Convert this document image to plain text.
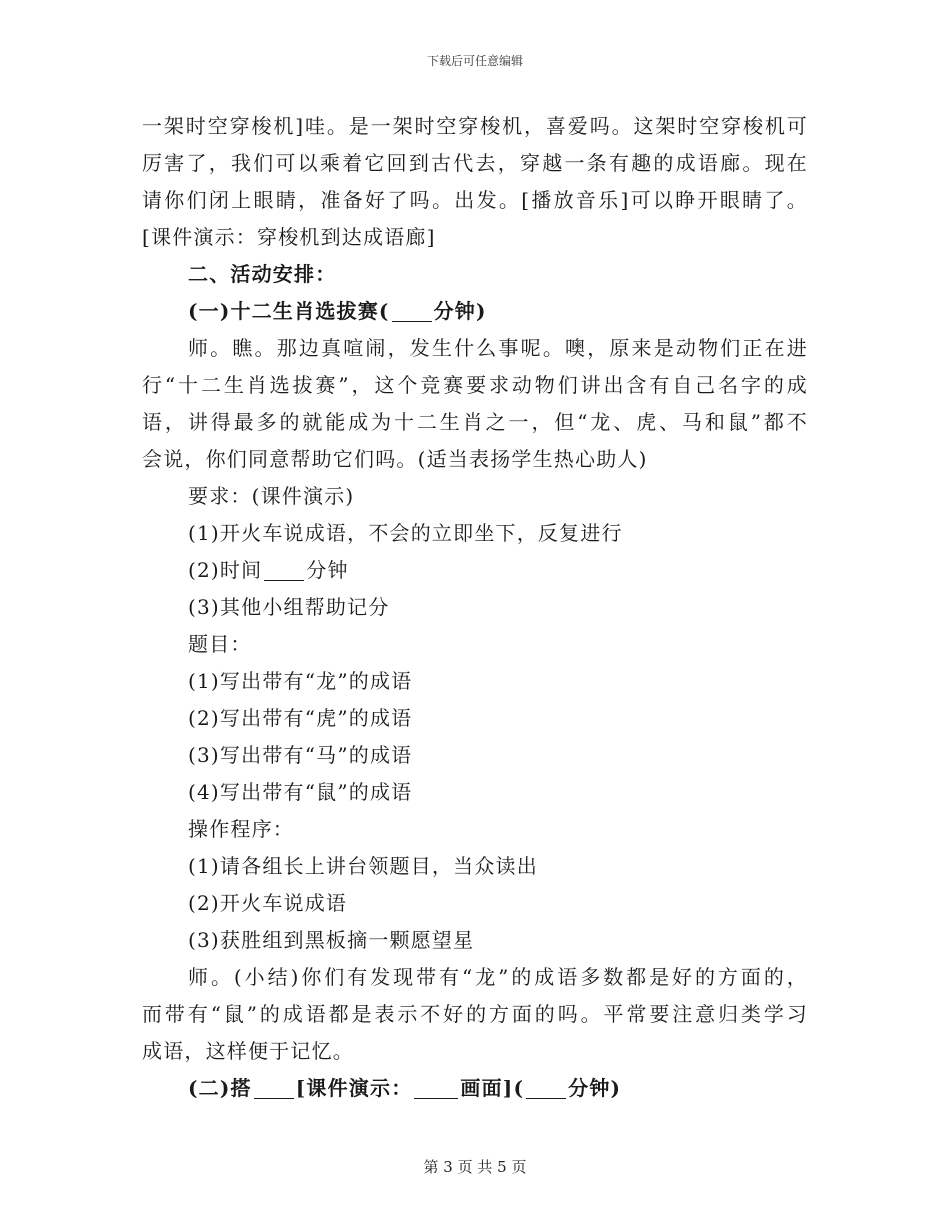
下载后可任意编辑
一架时空穿梭机]哇。是一架时空穿梭机，喜爱吗。这架时空穿梭机可
厉害了，我们可以乘着它回到古代去，穿越一条有趣的成语廊。现在
请你们闭上眼睛，准备好了吗。出发。[播放音乐]可以睁开眼睛了。
[课件演示：穿梭机到达成语廊]
二、活动安排：
(一)十二生肖选拔赛( 分钟)
师。瞧。那边真喧闹，发生什么事呢。噢，原来是动物们正在进
行“十二生肖选拔赛”，这个竞赛要求动物们讲出含有自己名字的成
语，讲得最多的就能成为十二生肖之一，但“龙、虎、马和鼠”都不
会说，你们同意帮助它们吗。(适当表扬学生热心助人)
要求：(课件演示)
(1)开火车说成语，不会的立即坐下，反复进行
(2)时间 分钟
(3)其他小组帮助记分
题目：
(1)写出带有“龙”的成语
(2)写出带有“虎”的成语
(3)写出带有“马”的成语
(4)写出带有“鼠”的成语
操作程序：
(1)请各组长上讲台领题目，当众读出
(2)开火车说成语
(3)获胜组到黑板摘一颗愿望星
师。(小结)你们有发现带有“龙”的成语多数都是好的方面的，
而带有“鼠”的成语都是表示不好的方面的吗。平常要注意归类学习
成语，这样便于记忆。
(二)搭 [课件演示： 画面]( 分钟)
第 3 页 共 5 页
